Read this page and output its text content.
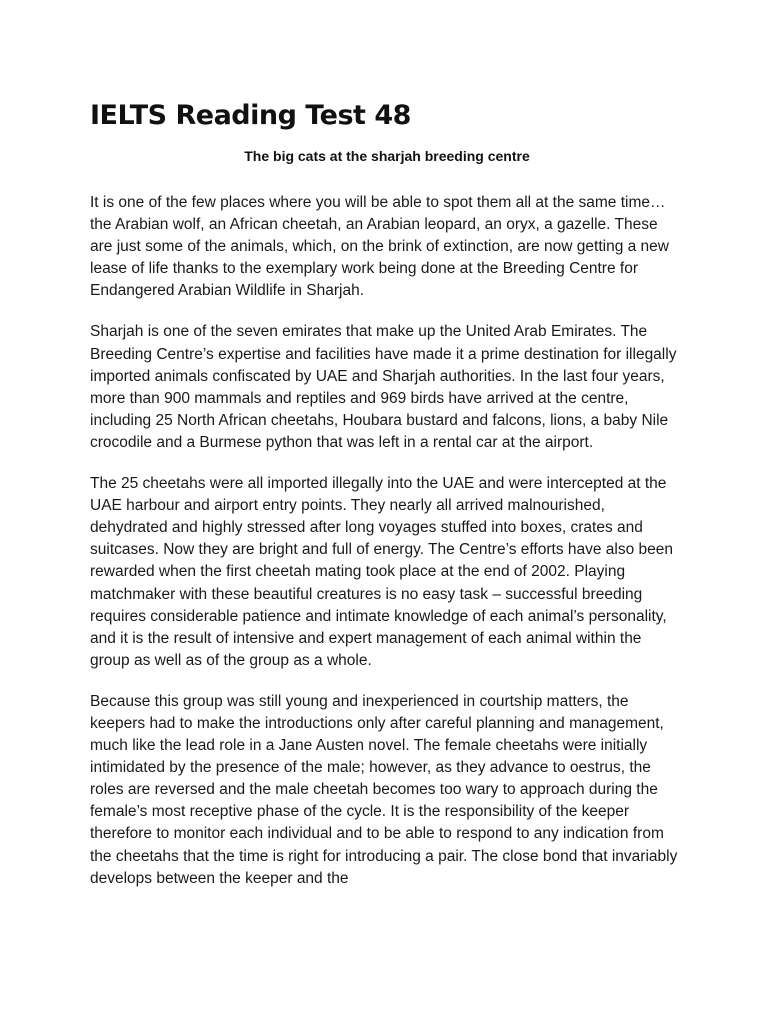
IELTS Reading Test 48
The big cats at the sharjah breeding centre

It is one of the few places where you will be able to spot them all at the same time… the Arabian wolf, an African cheetah, an Arabian leopard, an oryx, a gazelle. These are just some of the animals, which, on the brink of extinction, are now getting a new lease of life thanks to the exemplary work being done at the Breeding Centre for Endangered Arabian Wildlife in Sharjah.

Sharjah is one of the seven emirates that make up the United Arab Emirates. The Breeding Centre’s expertise and facilities have made it a prime destination for illegally imported animals confiscated by UAE and Sharjah authorities. In the last four years, more than 900 mammals and reptiles and 969 birds have arrived at the centre, including 25 North African cheetahs, Houbara bustard and falcons, lions, a baby Nile crocodile and a Burmese python that was left in a rental car at the airport.

The 25 cheetahs were all imported illegally into the UAE and were intercepted at the UAE harbour and airport entry points. They nearly all arrived malnourished, dehydrated and highly stressed after long voyages stuffed into boxes, crates and suitcases. Now they are bright and full of energy. The Centre’s efforts have also been rewarded when the first cheetah mating took place at the end of 2002. Playing matchmaker with these beautiful creatures is no easy task – successful breeding requires considerable patience and intimate knowledge of each animal’s personality, and it is the result of intensive and expert management of each animal within the group as well as of the group as a whole.

Because this group was still young and inexperienced in courtship matters, the keepers had to make the introductions only after careful planning and management, much like the lead role in a Jane Austen novel. The female cheetahs were initially intimidated by the presence of the male; however, as they advance to oestrus, the roles are reversed and the male cheetah becomes too wary to approach during the female’s most receptive phase of the cycle. It is the responsibility of the keeper therefore to monitor each individual and to be able to respond to any indication from the cheetahs that the time is right for introducing a pair. The close bond that invariably develops between the keeper and the
